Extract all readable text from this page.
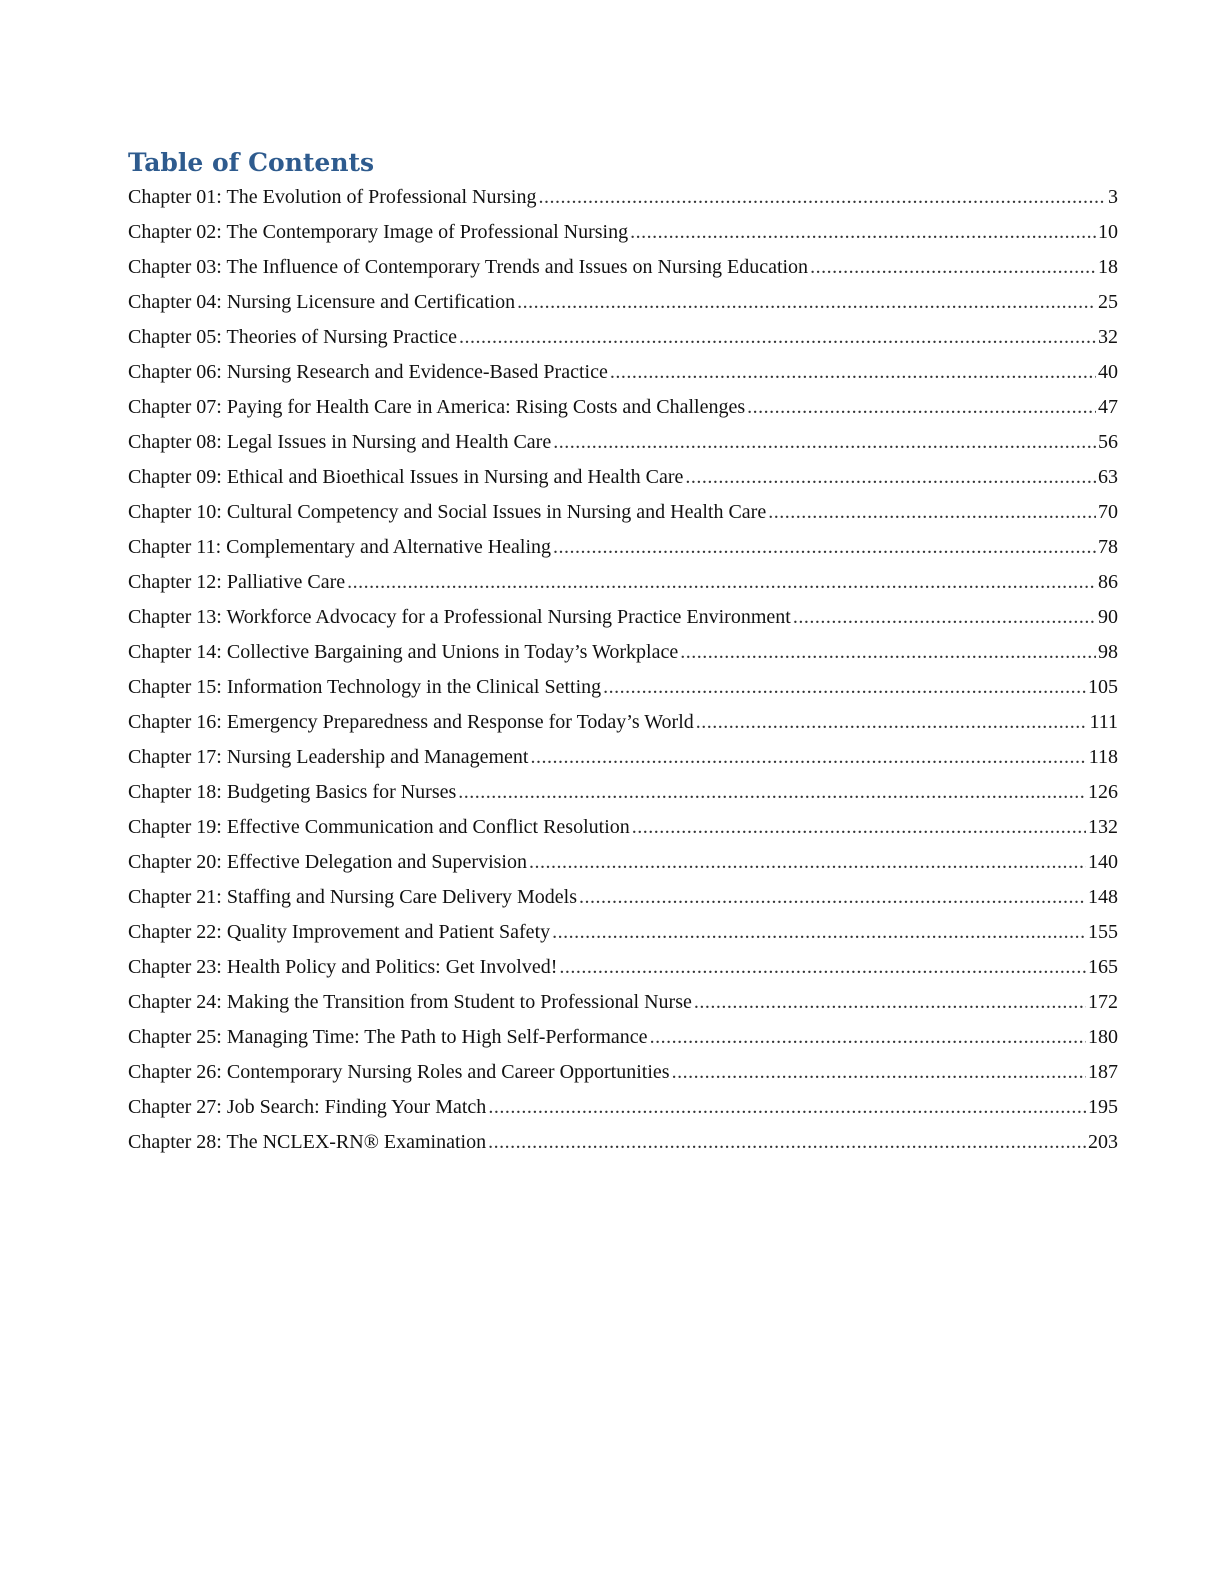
Table of Contents
Chapter 01: The Evolution of Professional Nursing .....	3
Chapter 02: The Contemporary Image of Professional Nursing .....	10
Chapter 03: The Influence of Contemporary Trends and Issues on Nursing Education .....	18
Chapter 04: Nursing Licensure and Certification .....	25
Chapter 05: Theories of Nursing Practice .....	32
Chapter 06: Nursing Research and Evidence-Based Practice .....	40
Chapter 07: Paying for Health Care in America: Rising Costs and Challenges .....	47
Chapter 08: Legal Issues in Nursing and Health Care .....	56
Chapter 09: Ethical and Bioethical Issues in Nursing and Health Care .....	63
Chapter 10: Cultural Competency and Social Issues in Nursing and Health Care .....	70
Chapter 11: Complementary and Alternative Healing .....	78
Chapter 12: Palliative Care .....	86
Chapter 13: Workforce Advocacy for a Professional Nursing Practice Environment .....	90
Chapter 14: Collective Bargaining and Unions in Today’s Workplace .....	98
Chapter 15: Information Technology in the Clinical Setting .....	105
Chapter 16: Emergency Preparedness and Response for Today’s World .....	111
Chapter 17: Nursing Leadership and Management .....	118
Chapter 18: Budgeting Basics for Nurses .....	126
Chapter 19: Effective Communication and Conflict Resolution .....	132
Chapter 20: Effective Delegation and Supervision .....	140
Chapter 21: Staffing and Nursing Care Delivery Models .....	148
Chapter 22: Quality Improvement and Patient Safety .....	155
Chapter 23: Health Policy and Politics: Get Involved! .....	165
Chapter 24: Making the Transition from Student to Professional Nurse .....	172
Chapter 25: Managing Time: The Path to High Self-Performance .....	180
Chapter 26: Contemporary Nursing Roles and Career Opportunities .....	187
Chapter 27: Job Search: Finding Your Match .....	195
Chapter 28: The NCLEX-RN® Examination .....	203
